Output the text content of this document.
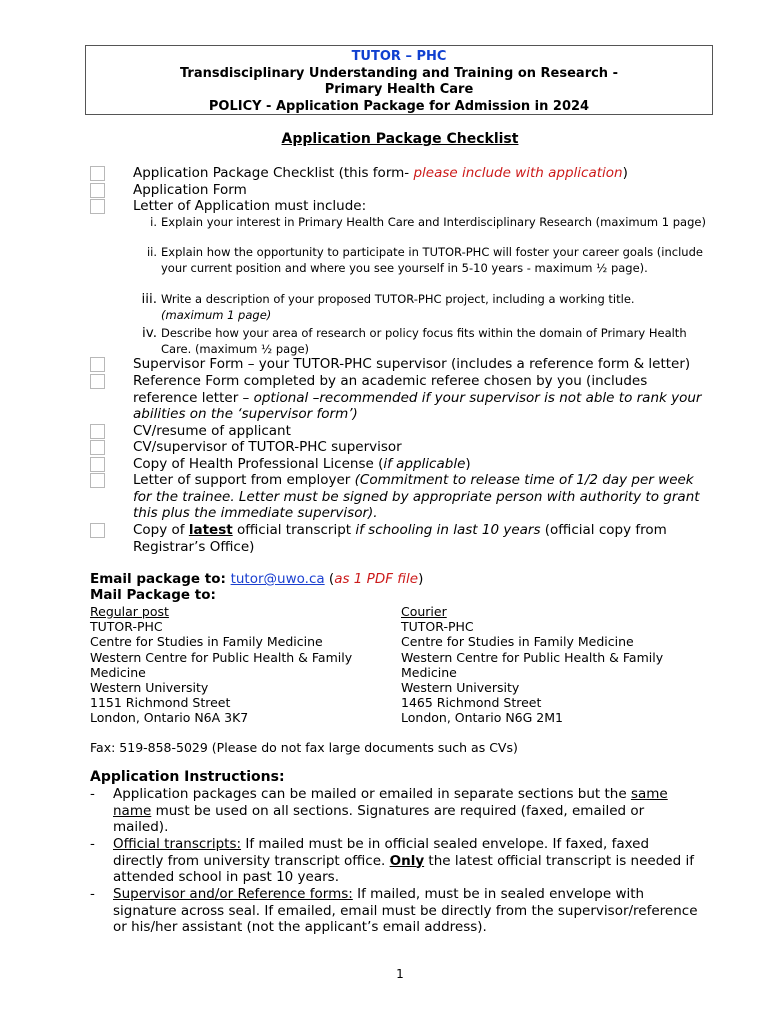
TUTOR – PHC
Transdisciplinary Understanding and Training on Research -
Primary Health Care
POLICY - Application Package for Admission in 2024
Application Package Checklist
Application Package Checklist (this form- please include with application)
Application Form
Letter of Application must include:
i. Explain your interest in Primary Health Care and Interdisciplinary Research (maximum 1 page)
ii. Explain how the opportunity to participate in TUTOR-PHC will foster your career goals (include your current position and where you see yourself in 5-10 years - maximum ½ page).
iii. Write a description of your proposed TUTOR-PHC project, including a working title.
(maximum 1 page)
iv. Describe how your area of research or policy focus fits within the domain of Primary Health Care. (maximum ½ page)
Supervisor Form – your TUTOR-PHC supervisor (includes a reference form & letter)
Reference Form completed by an academic referee chosen by you (includes reference letter – optional –recommended if your supervisor is not able to rank your abilities on the ‘supervisor form’)
CV/resume of applicant
CV/supervisor of TUTOR-PHC supervisor
Copy of Health Professional License (if applicable)
Letter of support from employer (Commitment to release time of 1/2 day per week for the trainee. Letter must be signed by appropriate person with authority to grant this plus the immediate supervisor).
Copy of latest official transcript if schooling in last 10 years (official copy from Registrar’s Office)
Email package to: tutor@uwo.ca (as 1 PDF file)
Mail Package to:
Regular post
TUTOR-PHC
Centre for Studies in Family Medicine
Western Centre for Public Health & Family
Medicine
Western University
1151 Richmond Street
London, Ontario N6A 3K7
Courier
TUTOR-PHC
Centre for Studies in Family Medicine
Western Centre for Public Health & Family
Medicine
Western University
1465 Richmond Street
London, Ontario N6G 2M1
Fax: 519-858-5029 (Please do not fax large documents such as CVs)
Application Instructions:
- Application packages can be mailed or emailed in separate sections but the same name must be used on all sections. Signatures are required (faxed, emailed or mailed).
- Official transcripts: If mailed must be in official sealed envelope. If faxed, faxed directly from university transcript office. Only the latest official transcript is needed if attended school in past 10 years.
- Supervisor and/or Reference forms: If mailed, must be in sealed envelope with signature across seal. If emailed, email must be directly from the supervisor/reference or his/her assistant (not the applicant’s email address).
1
